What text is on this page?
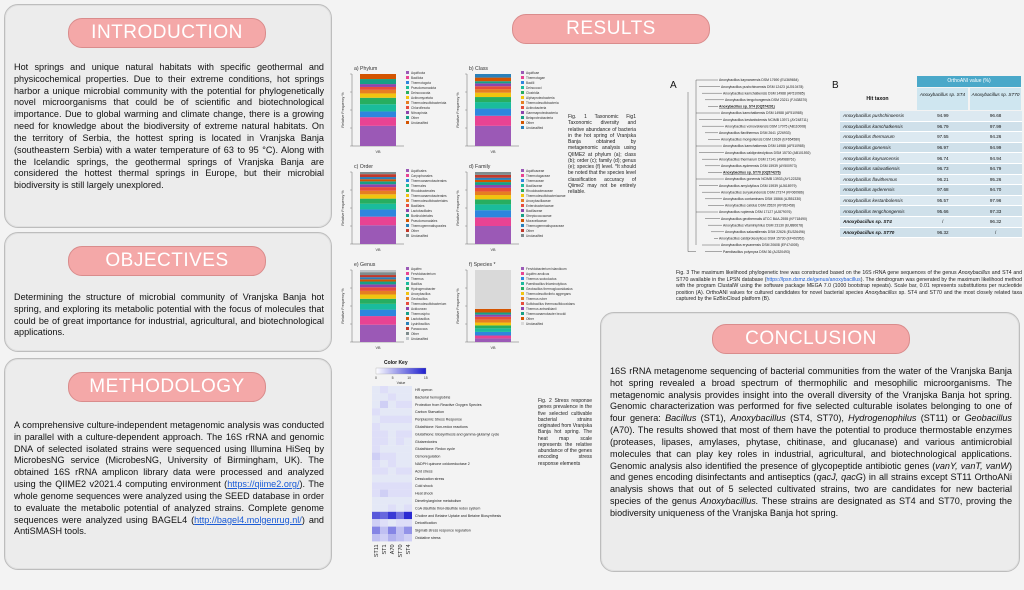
INTRODUCTION
Hot springs and unique natural habitats with specific geothermal and physicochemical properties. Due to their extreme conditions, hot springs harbor a unique microbial community with the potential for phylogenetically novel microorganisms that could be of scientific and biotechnological importance. Due to global warming and climate change, there is a growing need for knowledge about the biodiversity of extreme natural habitats. On the territory of Serbia, the hottest spring is located in Vranjska Banja (southeastern Serbia) with a water temperature of 63 to 95 °C). Along with the Icelandic springs, the geothermal springs of Vranjska Banja are considered the hottest thermal springs in Europe, but their microbial biodiversity is still largely unexplored.
OBJECTIVES
Determining the structure of microbial community of Vranjska Banja hot spring, and exploring its metabolic potential with the focus of molecules that could be of great importance for industrial, agricultural, and biotechnological applications.
METHODOLOGY
A comprehensive culture-independent metagenomic analysis was conducted in parallel with a culture-dependent approach. The 16S rRNA and genomic DNA of selected isolated strains were sequenced using Illumina HiSeq by MicrobesNG service (MicrobesNG, University of Birmingham, UK). The obtained 16S rRNA amplicon library data were processed and analyzed using the QIIME2 v2021.4 computing environment (https://qiime2.org/). The whole genome sequences were analyzed using the SEED database in order to evaluate the metabolic potential of analyzed strains. Complete genome sequences were analyzed using BAGEL4 (http://bagel4.molgenrug.nl/) and AntiSMASH tools.
RESULTS
a) Phylum
Relative Frequency %
VB
Aquificota
Bacillota
Thermotogota
Pseudomonadota
Deinococcota
Actinomycetota
Thermodesulfobacteriota
Chloroflexota
Nitrospirota
Other
Unclassified
b) Class
Relative Frequency %
VB
Aquificae
Thermotogae
Bacilli
Deinococci
Clostridia
Alphaproteobacteria
Thermodesulfobacteria
Actinobacteria
Gammaproteobacteria
Betaproteobacteria
Other
Unclassified
c) Order
Relative Frequency %
VB
Aquificales
Caryophanales
Thermoanaerobacterales
Thermales
Rhodobacterales
Thermoanaerobacterales
Thermodesulfobacteriales
Bacillales
Lactobacillales
Burkholderiales
Pseudomonadales
Thermogemmatisporales
Other
Unclassified
d) Family
Relative Frequency %
VB
Aquificaceae
Thermotogaceae
Thermaceae
Bacillaceae
Rhodobacteraceae
Thermodesulfobacteriaceae
Anoxybacillaceae
Enterobacteriaceae
Bacillaceae
Streptococcaceae
Moraxellaceae
Thermogemmatisporaceae
Other
Unclassified
e) Genus
Relative Frequency %
VB
Aquifex
Fervidobacterium
Thermus
Bacillus
Hydrogenobacter
Anoxybacillus
Geobacillus
Thermodesulfobacterium
Acidovorax
Thermosipho
Lactobacillus
Lysinibacillus
Paracoccus
Other
Unclassified
f) Species *
Relative Frequency %
VB
Fervidobacterium islandicum
Aquifex aeolicus
Thermus scotoductus
Paenibacillus thiaminolyticus
Geobacillus thermoglucosidasius
Thermodesulfovibrio aggregans
Thermus ruber
Sulfobacillus thermosulfidooxidans
Thermus antranikianii
Thermoanaerobacter brockii
Other
Unclassified
Fig. 1 Taxonomic Fig1 Taxonomic diversity and relative abundance of bacteria in the hot spring of Vranjska Banja obtained by metagenomic analysis using QIIME2 at phylum (a); class (b); order (c); family (d); genus (e); species (f) level. *It should be noted that the species level classification accuracy of Qiime2 may not be entirely reliable.
Color Key
0	5	10	15
Value
HR operon
Bacterial hemoglobins
Protection from Reactive Oxygen Species
Carbon Starvation
Periplasmic Stress Response
Glutathione: Non-redox reactions
Glutathione: Biosynthesis and gamma-glutamyl cycle
Glutaredoxins
Glutathione: Redox cycle
Osmoregulation
NADPH quinone oxidoreductase 2
Acid stress
Dessication stress
Cold shock
Heat shock
Dimethylarginine metabolism
CoA disulfide thiol-disulfide redox system
Choline and Betaine Uptake and Betaine Biosynthesis
Detoxification
SigmaB stress responce regulation
Oxidative stress
ST11 ST1 A70 ST70 ST4
Fig. 2 Stress response genes prevalence in the five selected cultivable bacterial strains originated from Vranjska Banja hot spring. The heat map scale represents the relative abundance of the genes encoding stress response elements
A	Anoxybacillus kaynarcensis DSM 17690 (EU369654)
Anoxybacillus pushchinoensis DSM 12423 (AJ010478)
Anoxybacillus kamchatkensis DSM 14988 (AF510985)
Anoxybacillus tengchongensis DSM 23211 (FJ438370)
Anoxybacillus sp. ST4 (OQ574291)
Anoxybacillus kamchatkensis DSM 14988 (AF510985)
Anoxybacillus kestanbolensis NCIMB 13971 (AY248711)
Anoxybacillus voinovskiensis DSM 17075 (AB110008)
Anoxybacillus flavithermus DSM 2641 (Z26933)
Anoxybacillus mongoliensis DSM 19169 (EF654580)
Anoxybacillus kamchatkensis DSM 14988 (AF510985)
Anoxybacillus caldiproteolyticus DSM 15730 (AB101592)
Anoxybacillus thermarum DSM 17141 (AM988761)
Anoxybacillus ayderensis DSM 15939 (AY500973)
Anoxybacillus sp. ST70 (OQ574276)
Anoxybacillus gonensis NCIMB 13933 (AY122325)
Anoxybacillus amylolyticus DSM 15939 (AJ618979)
Anoxybacillus suryakundensis DSM 27374 (KF060986)
Anoxybacillus contaminans DSM 15866 (AJ551330)
Anoxybacillus calidus DSM 25520 (KF952458)
Anoxybacillus rupiensis DSM 17127 (AJ879076)
Anoxybacillus geothermalis ATCC BAA-2555 (KF718490)
Anoxybacillus vitaminiphilus DSM 23130 (EU880678)
Anoxybacillus salavatliensis DSM 22626 (EU326496)
Anoxybacillus caldiproteolyticus DSM 15730 (EF492952)
Anoxybacillus eryuanensis DSM 20608 (EF474005)
Paenibacillus polymyxa DSM 36 (AJ320493)
B	OrthoANI value (%)
Hit taxon
Anoxybacillus sp. ST4	Anoxybacillus sp. ST70
Anoxybacillus pushchinoensis	94.99	96.68
Anoxybacillus kamchatkensis	96.79	97.99
Anoxybacillus thermarum	97.55	94.26
Anoxybacillus gonensis	96.97	94.99
Anoxybacillus kaynarcensis	96.74	94.94
Anoxybacillus salavatliensis	96.73	94.79
Anoxybacillus flavithermus	96.21	95.26
Anoxybacillus ayderensis	97.68	94.70
Anoxybacillus kestanbolensis	95.57	97.96
Anoxybacillus tengchongensis	95.66	97.33
Anoxybacillus sp. ST4	/	96.32
Anoxybacillus sp. ST70	96.32	/
Fig. 3 The maximum likelihood phylogenetic tree was constructed based on the 16S rRNA gene sequences of the genus Anoxybacillus and ST4 and ST70 available in the LPSN database (https://lpsn.dsmz.de/genus/anoxybacillus). The dendrogram was generated by the maximum likelihood method with the program ClustalW using the software package MEGA 7.0 (1000 bootstrap repeats). Scale bar, 0.01 represents substitutions per nucleotide position (A). OrthoANI values for cultured candidates for novel bacterial species Anoxybacillus sp. ST4 and ST70 and the most closely related taxa captured by the EzBioCloud platform (B).
CONCLUSION
16S rRNA metagenome sequencing of bacterial communities from the water of the Vranjska Banja hot spring revealed a broad spectrum of thermophilic and mesophilic microorganisms. The metagenomic analysis provides insight into the overall diversity of the Vranjska Banja hot spring. Genomic characterization was performed for five selected culturable isolates belonging to one of four genera: Bacillus (ST1), Anoxybacillus (ST4, ST70), Hydrogenophilus (ST11) or Geobacillus (A70). The results showed that most of them have the potential to produce thermostable enzymes (proteases, lipases, amylases, phytase, chitinase, and glucanase) and various antimicrobial molecules that can play key roles in industrial, agricultural, and biotechnological applications. Genomic analysis also identified the presence of glycopeptide antibiotic genes (vanY, vanT, vanW) and genes encoding disinfectants and antiseptics (qacJ, qacG) in all strains except ST11 OrthoANi analysis shows that out of 5 selected cultivated strains, two are candidates for new bacterial species of the genus Anoxybacillus. These strains are designated as ST4 and ST70, proving the biodiversity uniqueness of the Vranjska Banja hot spring.
